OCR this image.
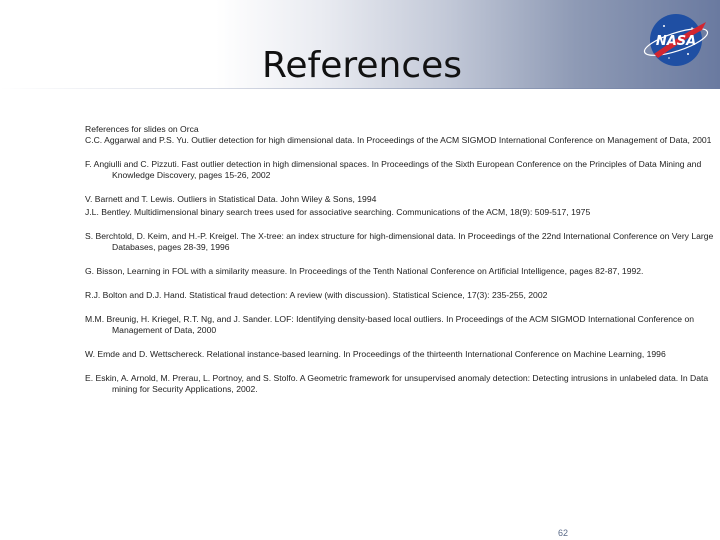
References
NASA

References for slides on Orca

C.C. Aggarwal and P.S. Yu. Outlier detection for high dimensional data. In Proceedings of the ACM SIGMOD International Conference on Management of Data, 2001

F. Angiulli and C. Pizzuti. Fast outlier detection in high dimensional spaces. In Proceedings of the Sixth European Conference on the Principles of Data Mining and Knowledge Discovery, pages 15-26, 2002

V. Barnett and T. Lewis. Outliers in Statistical Data. John Wiley & Sons, 1994

J.L. Bentley. Multidimensional binary search trees used for associative searching. Communications of the ACM, 18(9): 509-517, 1975

S. Berchtold, D. Keim, and H.-P. Kreigel. The X-tree: an index structure for high-dimensional data. In Proceedings of the 22nd International Conference on Very Large Databases, pages 28-39, 1996

G. Bisson, Learning in FOL with a similarity measure. In Proceedings of the Tenth National Conference on Artificial Intelligence, pages 82-87, 1992.

R.J. Bolton and D.J. Hand. Statistical fraud detection: A review (with discussion). Statistical Science, 17(3): 235-255, 2002

M.M. Breunig, H. Kriegel, R.T. Ng, and J. Sander. LOF: Identifying density-based local outliers. In Proceedings of the ACM SIGMOD International Conference on Management of Data, 2000

W. Emde and D. Wettschereck. Relational instance-based learning. In Proceedings of the thirteenth International Conference on Machine Learning, 1996

E. Eskin, A. Arnold, M. Prerau, L. Portnoy, and S. Stolfo. A Geometric framework for unsupervised anomaly detection: Detecting intrusions in unlabeled data. In Data mining for Security Applications, 2002.

62
